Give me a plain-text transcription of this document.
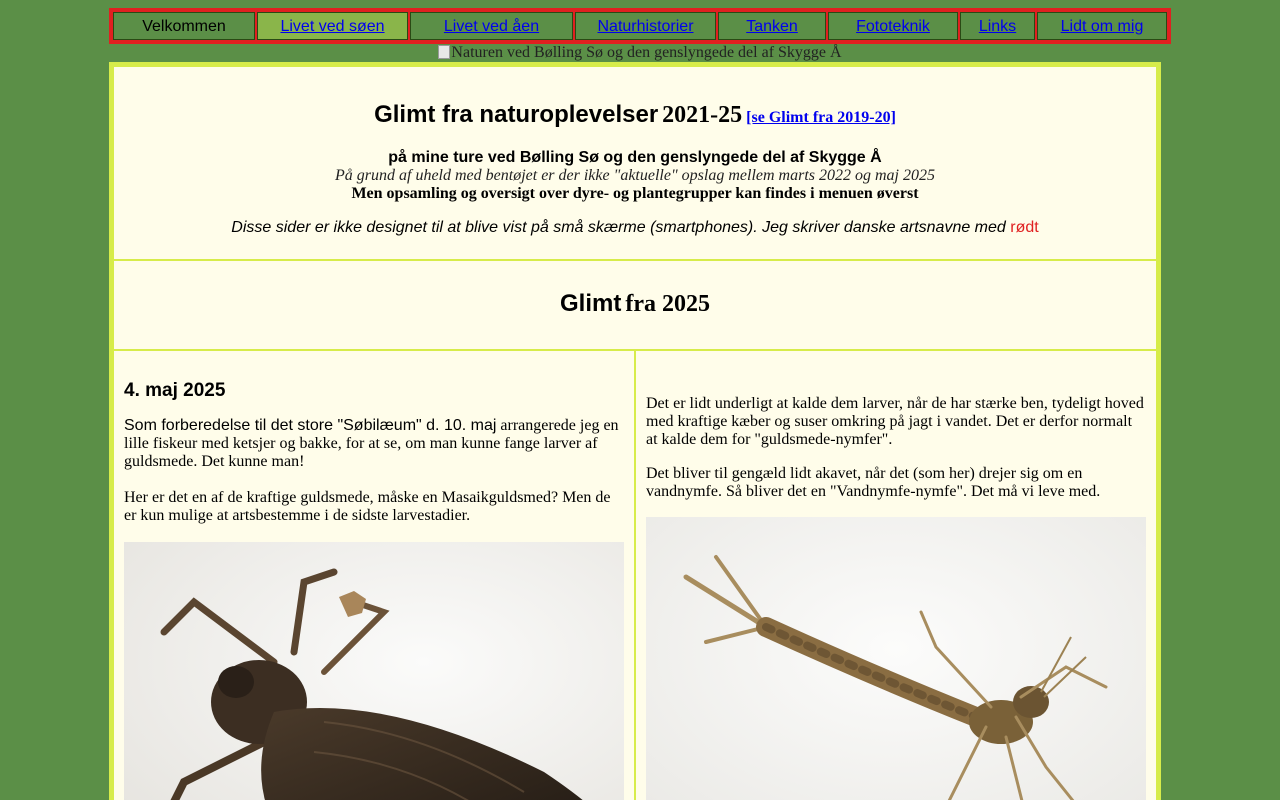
Velkommen	Livet ved søen	Livet ved åen	Naturhistorier	Tanken	Fototeknik	Links	Lidt om mig
Naturen ved Bølling Sø og den genslyngede del af Skygge Å
Glimt fra naturoplevelser 2021-25 [se Glimt fra 2019-20]
på mine ture ved Bølling Sø og den genslyngede del af Skygge Å
På grund af uheld med bentøjet er der ikke "aktuelle" opslag mellem marts 2022 og maj 2025
Men opsamling og oversigt over dyre- og plantegrupper kan findes i menuen øverst
Disse sider er ikke designet til at blive vist på små skærme (smartphones). Jeg skriver danske artsnavne med rødt
Glimt fra 2025
4. maj 2025
Som forberedelse til det store "Søbilæum" d. 10. maj arrangerede jeg en lille fiskeur med ketsjer og bakke, for at se, om man kunne fange larver af guldsmede. Det kunne man!
Her er det en af de kraftige guldsmede, måske en Masaikguldsmed? Men de er kun mulige at artsbestemme i de sidste larvestadier.
Det er lidt underligt at kalde dem larver, når de har stærke ben, tydeligt hoved med kraftige kæber og suser omkring på jagt i vandet. Det er derfor normalt at kalde dem for "guldsmede-nymfer".
Det bliver til gengæld lidt akavet, når det (som her) drejer sig om en vandnymfe. Så bliver det en "Vandnymfe-nymfe". Det må vi leve med.
